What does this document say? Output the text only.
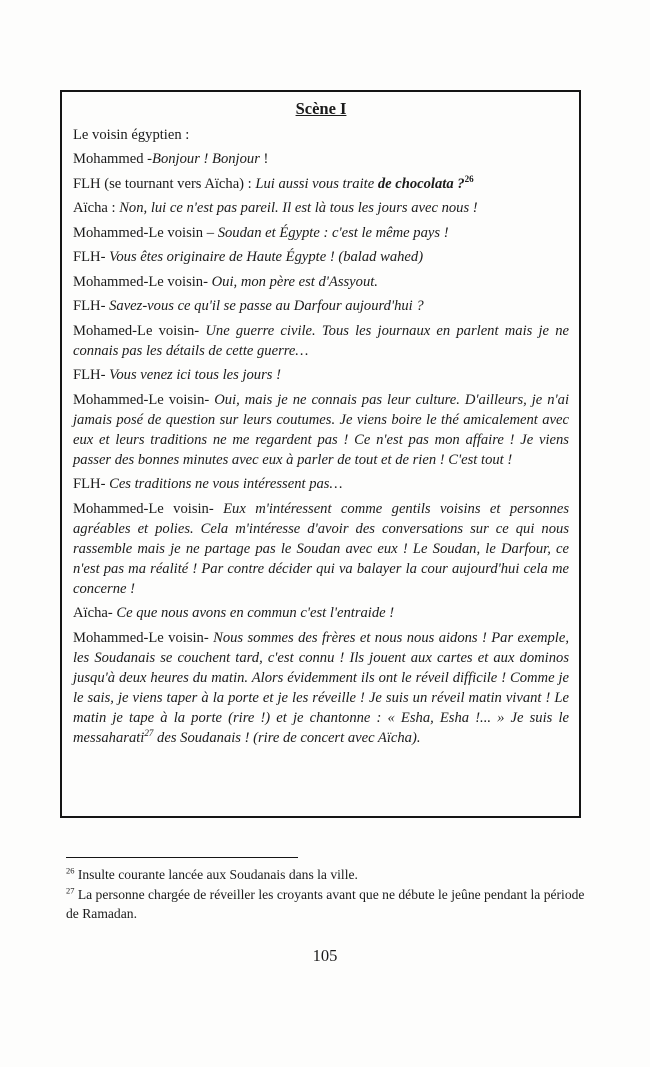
Scène I

Le voisin égyptien :

Mohammed -Bonjour ! Bonjour !

FLH (se tournant vers Aïcha) : Lui aussi vous traite de chocolata ?$^{26}$

Aïcha : Non, lui ce n'est pas pareil. Il est là tous les jours avec nous !

Mohammed-Le voisin – Soudan et Égypte : c'est le même pays !

FLH- Vous êtes originaire de Haute Égypte ! (balad wahed)

Mohammed-Le voisin- Oui, mon père est d'Assyout.

FLH- Savez-vous ce qu'il se passe au Darfour aujourd'hui ?

Mohamed-Le voisin- Une guerre civile. Tous les journaux en parlent mais je ne connais pas les détails de cette guerre…

FLH- Vous venez ici tous les jours !

Mohammed-Le voisin- Oui, mais je ne connais pas leur culture. D'ailleurs, je n'ai jamais posé de question sur leurs coutumes. Je viens boire le thé amicalement avec eux et leurs traditions ne me regardent pas ! Ce n'est pas mon affaire ! Je viens passer des bonnes minutes avec eux à parler de tout et de rien ! C'est tout !

FLH- Ces traditions ne vous intéressent pas…

Mohammed-Le voisin- Eux m'intéressent comme gentils voisins et personnes agréables et polies. Cela m'intéresse d'avoir des conversations sur ce qui nous rassemble mais je ne partage pas le Soudan avec eux ! Le Soudan, le Darfour, ce n'est pas ma réalité ! Par contre décider qui va balayer la cour aujourd'hui cela me concerne !

Aïcha- Ce que nous avons en commun c'est l'entraide !

Mohammed-Le voisin- Nous sommes des frères et nous nous aidons ! Par exemple, les Soudanais se couchent tard, c'est connu ! Ils jouent aux cartes et aux dominos jusqu'à deux heures du matin. Alors évidemment ils ont le réveil difficile ! Comme je le sais, je viens taper à la porte et je les réveille ! Je suis un réveil matin vivant ! Le matin je tape à la porte (rire !) et je chantonne : « Esha, Esha !... » Je suis le messaharati$^{27}$ des Soudanais ! (rire de concert avec Aïcha).

$^{26}$ Insulte courante lancée aux Soudanais dans la ville.

$^{27}$ La personne chargée de réveiller les croyants avant que ne débute le jeûne pendant la période de Ramadan.

105
